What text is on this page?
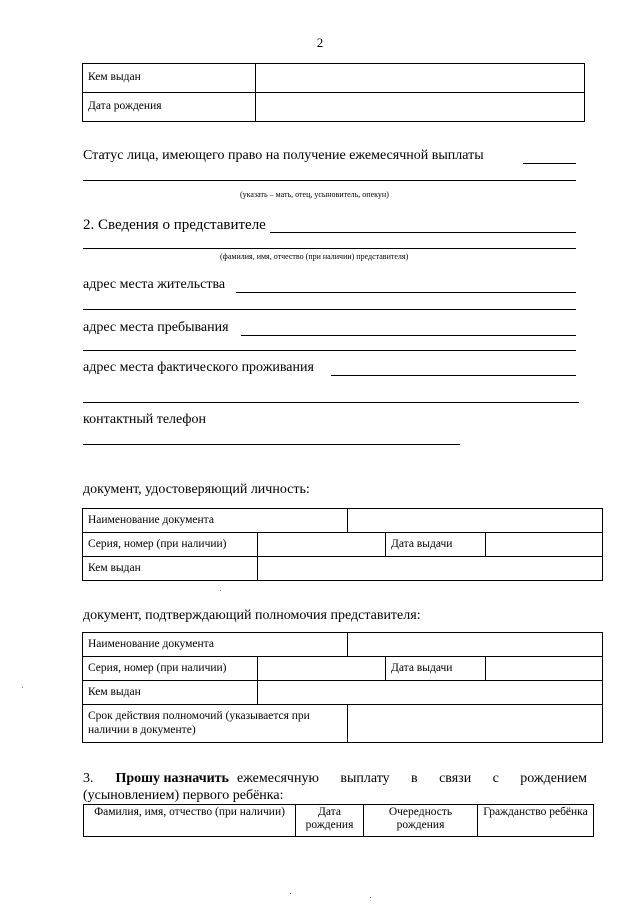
2
Кем выдан	
Дата рождения	
Статус лица, имеющего право на получение ежемесячной выплаты
(указать – мать, отец, усыновитель, опекун)
2. Сведения о представителе
(фамилия, имя, отчество (при наличии) представителя)
адрес места жительства
адрес места пребывания
адрес места фактического проживания
контактный телефон
документ, удостоверяющий личность:
Наименование документа				
Серия, номер (при наличии)			Дата выдачи	
Кем выдан				
документ, подтверждающий полномочия представителя:
Наименование документа				
Серия, номер (при наличии)			Дата выдачи	
Кем выдан				
Срок действия полномочий (указывается при наличии в документе)				
3. Прошу назначить ежемесячную выплату в связи с рождением
(усыновлением) первого ребёнка:
Фамилия, имя, отчество (при наличии)	Дата рождения	Очередность рождения	Гражданство ребёнка
